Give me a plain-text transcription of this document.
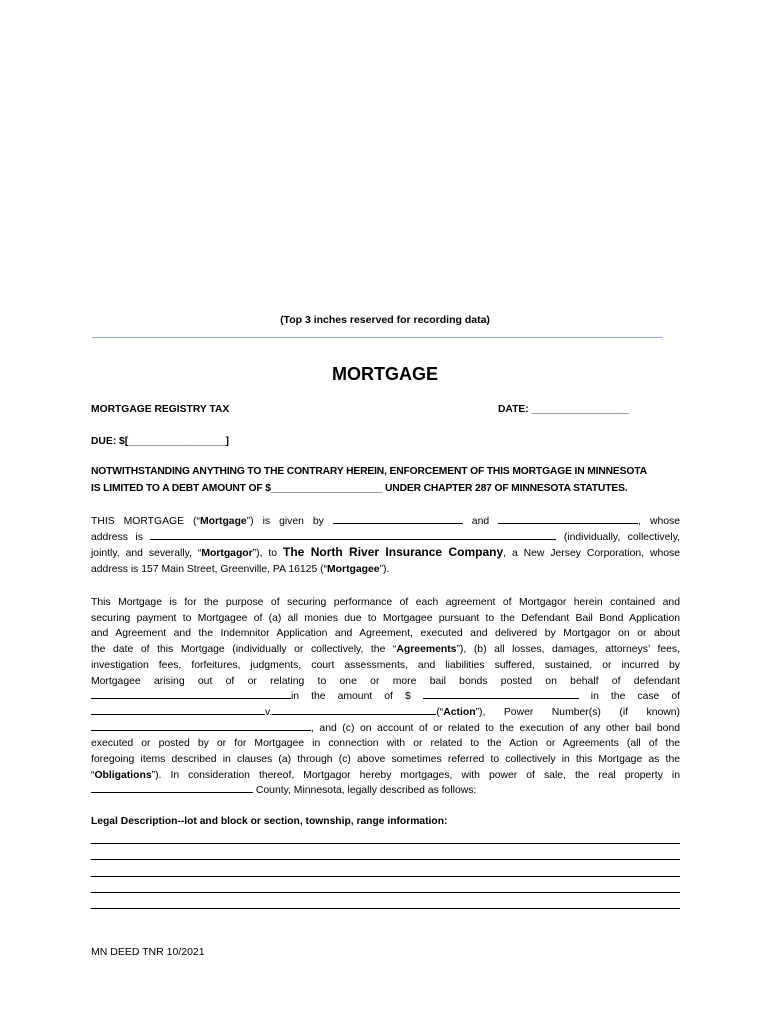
(Top 3 inches reserved for recording data)
MORTGAGE
MORTGAGE REGISTRY TAX	DATE: _________________
DUE: $[_________________]
NOTWITHSTANDING ANYTHING TO THE CONTRARY HEREIN, ENFORCEMENT OF THIS MORTGAGE IN MINNESOTA
IS LIMITED TO A DEBT AMOUNT OF $____________________ UNDER CHAPTER 287 OF MINNESOTA STATUTES.
THIS MORTGAGE (“Mortgage”) is given by	and	, whose
address is	(individually, collectively,
jointly, and severally, “Mortgagor”), to The North River Insurance Company, a New Jersey Corporation, whose
address is 157 Main Street, Greenville, PA 16125 (“Mortgagee”).
This Mortgage is for the purpose of securing performance of each agreement of Mortgagor herein contained and
securing payment to Mortgagee of (a) all monies due to Mortgagee pursuant to the Defendant Bail Bond Application
and Agreement and the Indemnitor Application and Agreement, executed and delivered by Mortgagor on or about
the date of this Mortgage (individually or collectively, the “Agreements”), (b) all losses, damages, attorneys’ fees,
investigation fees, forfeitures, judgments, court assessments, and liabilities suffered, sustained, or incurred by
Mortgagee arising out of or relating to one or more bail bonds posted on behalf of defendant
in the amount of $	in the case of
v.	(“Action”), Power Number(s) (if known)
, and (c) on account of or related to the execution of any other bail bond
executed or posted by or for Mortgagee in connection with or related to the Action or Agreements (all of the
foregoing items described in clauses (a) through (c) above sometimes referred to collectively in this Mortgage as the
“Obligations”). In consideration thereof, Mortgagor hereby mortgages, with power of sale, the real property in
County, Minnesota, legally described as follows:
Legal Description--lot and block or section, township, range information:
MN DEED TNR 10/2021
